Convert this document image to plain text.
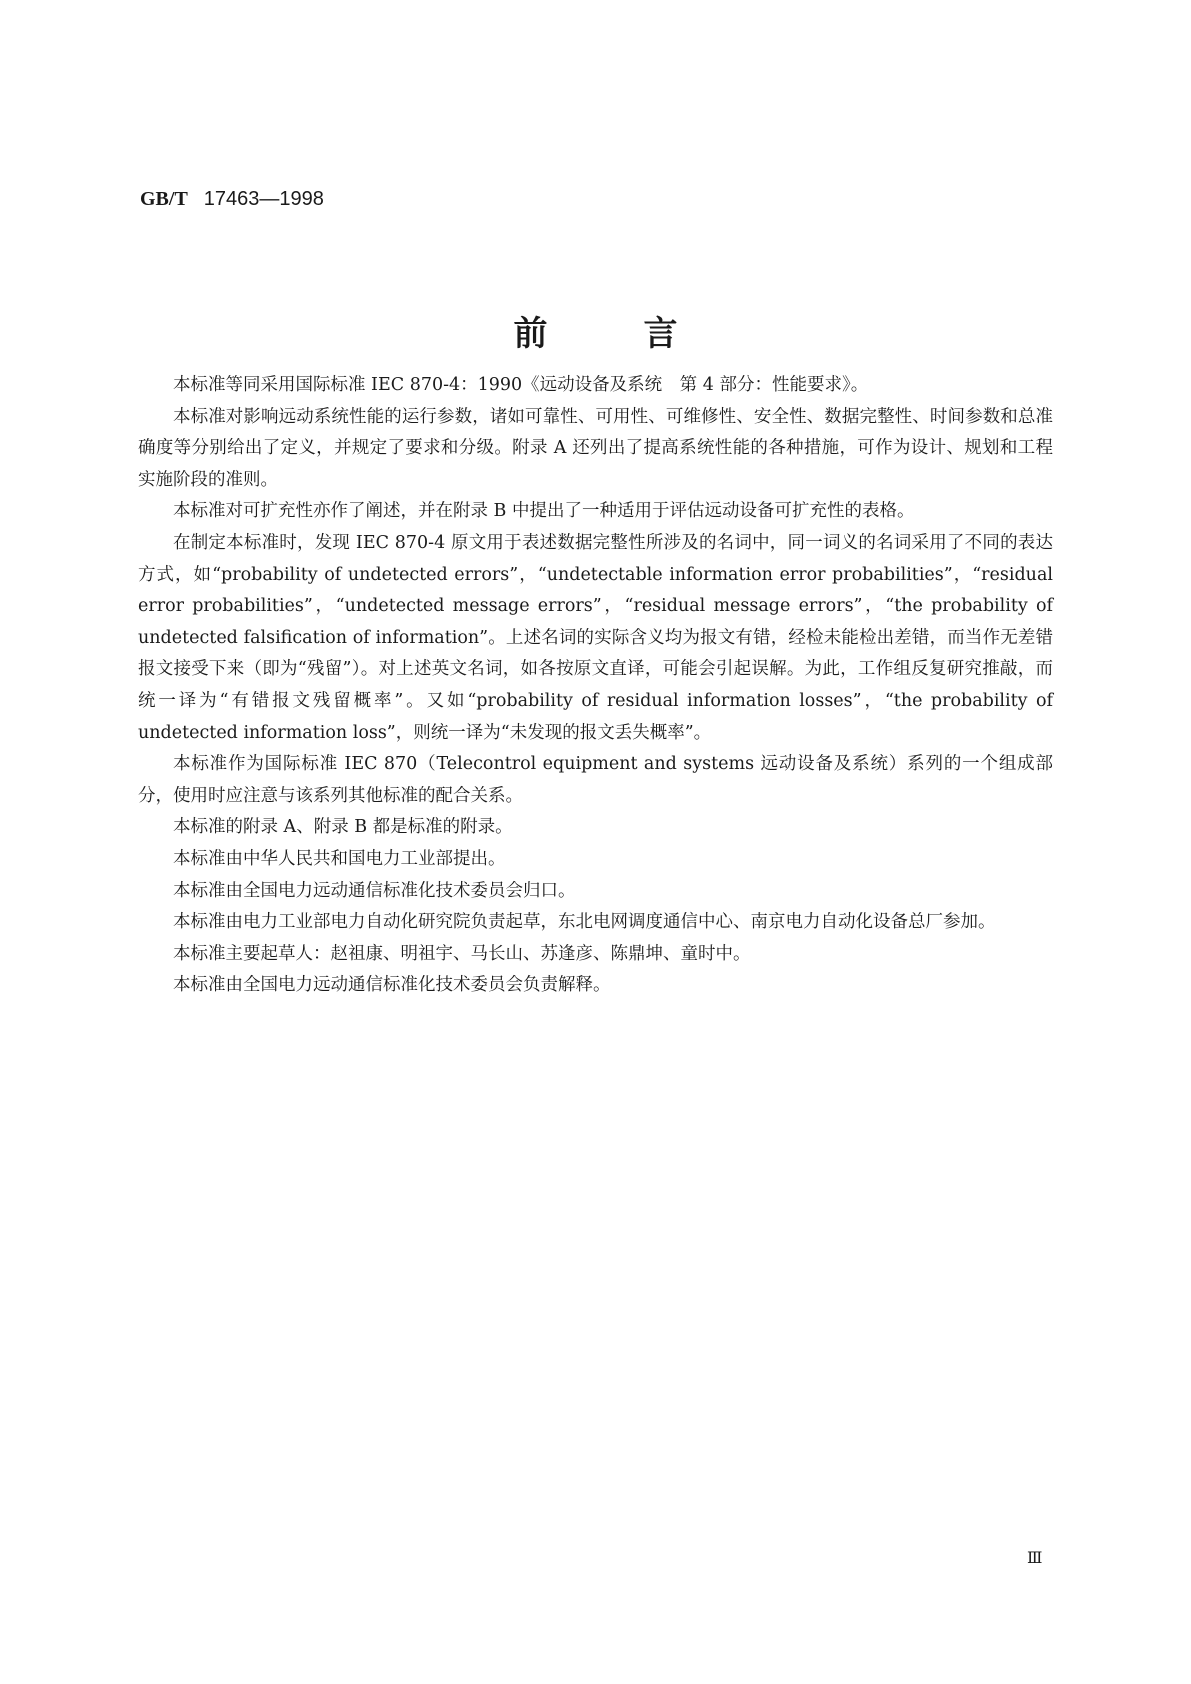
GB/T 17463—1998
前	言

本标准等同采用国际标准 IEC 870-4：1990《远动设备及系统　第 4 部分：性能要求》。

本标准对影响远动系统性能的运行参数，诸如可靠性、可用性、可维修性、安全性、数据完整性、时间参数和总准确度等分别给出了定义，并规定了要求和分级。附录 A 还列出了提高系统性能的各种措施，可作为设计、规划和工程实施阶段的准则。

本标准对可扩充性亦作了阐述，并在附录 B 中提出了一种适用于评估远动设备可扩充性的表格。

在制定本标准时，发现 IEC 870-4 原文用于表述数据完整性所涉及的名词中，同一词义的名词采用了不同的表达方式，如“probability of undetected errors”，“undetectable information error probabilities”，“residual error probabilities”，“undetected message errors”，“residual message errors”，“the probability of undetected falsification of information”。上述名词的实际含义均为报文有错，经检未能检出差错，而当作无差错报文接受下来（即为“残留”）。对上述英文名词，如各按原文直译，可能会引起误解。为此，工作组反复研究推敲，而统一译为“有错报文残留概率”。又如“probability of residual information losses”，“the probability of undetected information loss”，则统一译为“未发现的报文丢失概率”。

本标准作为国际标准 IEC 870（Telecontrol equipment and systems 远动设备及系统）系列的一个组成部分，使用时应注意与该系列其他标准的配合关系。

本标准的附录 A、附录 B 都是标准的附录。

本标准由中华人民共和国电力工业部提出。

本标准由全国电力远动通信标准化技术委员会归口。

本标准由电力工业部电力自动化研究院负责起草，东北电网调度通信中心、南京电力自动化设备总厂参加。

本标准主要起草人：赵祖康、明祖宇、马长山、苏逢彦、陈鼎坤、童时中。

本标准由全国电力远动通信标准化技术委员会负责解释。

Ⅲ
